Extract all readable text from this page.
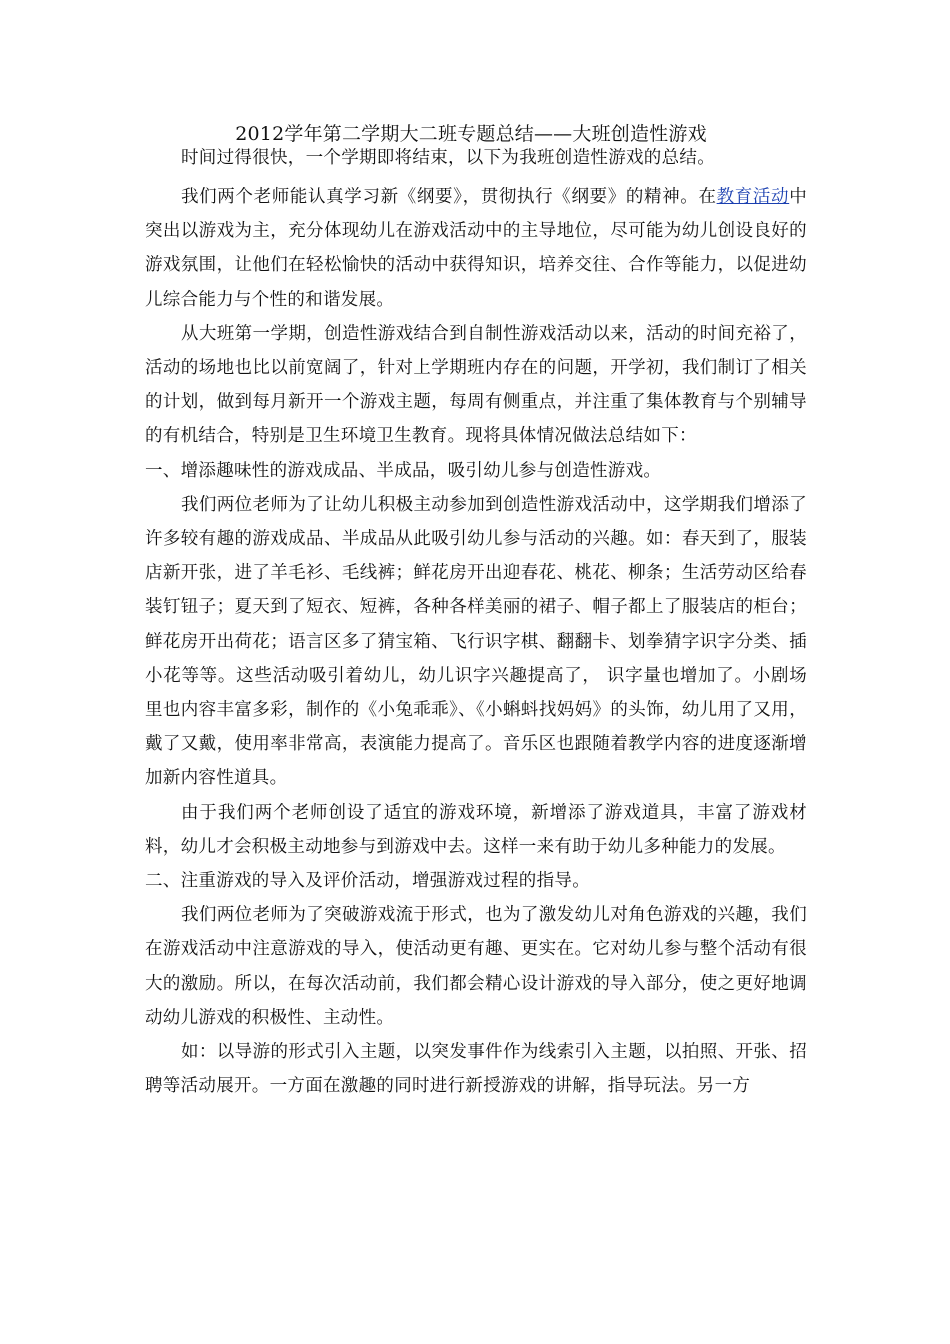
2012学年第二学期大二班专题总结——大班创造性游戏

时间过得很快，一个学期即将结束，以下为我班创造性游戏的总结。

我们两个老师能认真学习新《纲要》，贯彻执行《纲要》的精神。在教育活动中突出以游戏为主，充分体现幼儿在游戏活动中的主导地位，尽可能为幼儿创设良好的游戏氛围，让他们在轻松愉快的活动中获得知识，培养交往、合作等能力，以促进幼儿综合能力与个性的和谐发展。

从大班第一学期，创造性游戏结合到自制性游戏活动以来，活动的时间充裕了，活动的场地也比以前宽阔了，针对上学期班内存在的问题，开学初，我们制订了相关的计划，做到每月新开一个游戏主题，每周有侧重点，并注重了集体教育与个别辅导的有机结合，特别是卫生环境卫生教育。现将具体情况做法总结如下：

一、增添趣味性的游戏成品、半成品，吸引幼儿参与创造性游戏。

我们两位老师为了让幼儿积极主动参加到创造性游戏活动中，这学期我们增添了许多较有趣的游戏成品、半成品从此吸引幼儿参与活动的兴趣。如：春天到了，服装店新开张，进了羊毛衫、毛线裤；鲜花房开出迎春花、桃花、柳条；生活劳动区给春装钉钮子；夏天到了短衣、短裤，各种各样美丽的裙子、帽子都上了服装店的柜台； 鲜花房开出荷花；语言区多了猜宝箱、飞行识字棋、翻翻卡、划拳猜字识字分类、插小花等等。这些活动吸引着幼儿，幼儿识字兴趣提高了， 识字量也增加了。小剧场里也内容丰富多彩，制作的《小兔乖乖》、《小蝌蚪找妈妈》的头饰，幼儿用了又用，戴了又戴，使用率非常高，表演能力提高了。音乐区也跟随着教学内容的进度逐渐增加新内容性道具。

由于我们两个老师创设了适宜的游戏环境，新增添了游戏道具，丰富了游戏材料，幼儿才会积极主动地参与到游戏中去。这样一来有助于幼儿多种能力的发展。

二、注重游戏的导入及评价活动，增强游戏过程的指导。

我们两位老师为了突破游戏流于形式，也为了激发幼儿对角色游戏的兴趣，我们在游戏活动中注意游戏的导入，使活动更有趣、更实在。它对幼儿参与整个活动有很大的激励。所以，在每次活动前，我们都会精心设计游戏的导入部分，使之更好地调动幼儿游戏的积极性、主动性。

如：以导游的形式引入主题，以突发事件作为线索引入主题，以拍照、开张、招聘等活动展开。一方面在激趣的同时进行新授游戏的讲解，指导玩法。另一方
